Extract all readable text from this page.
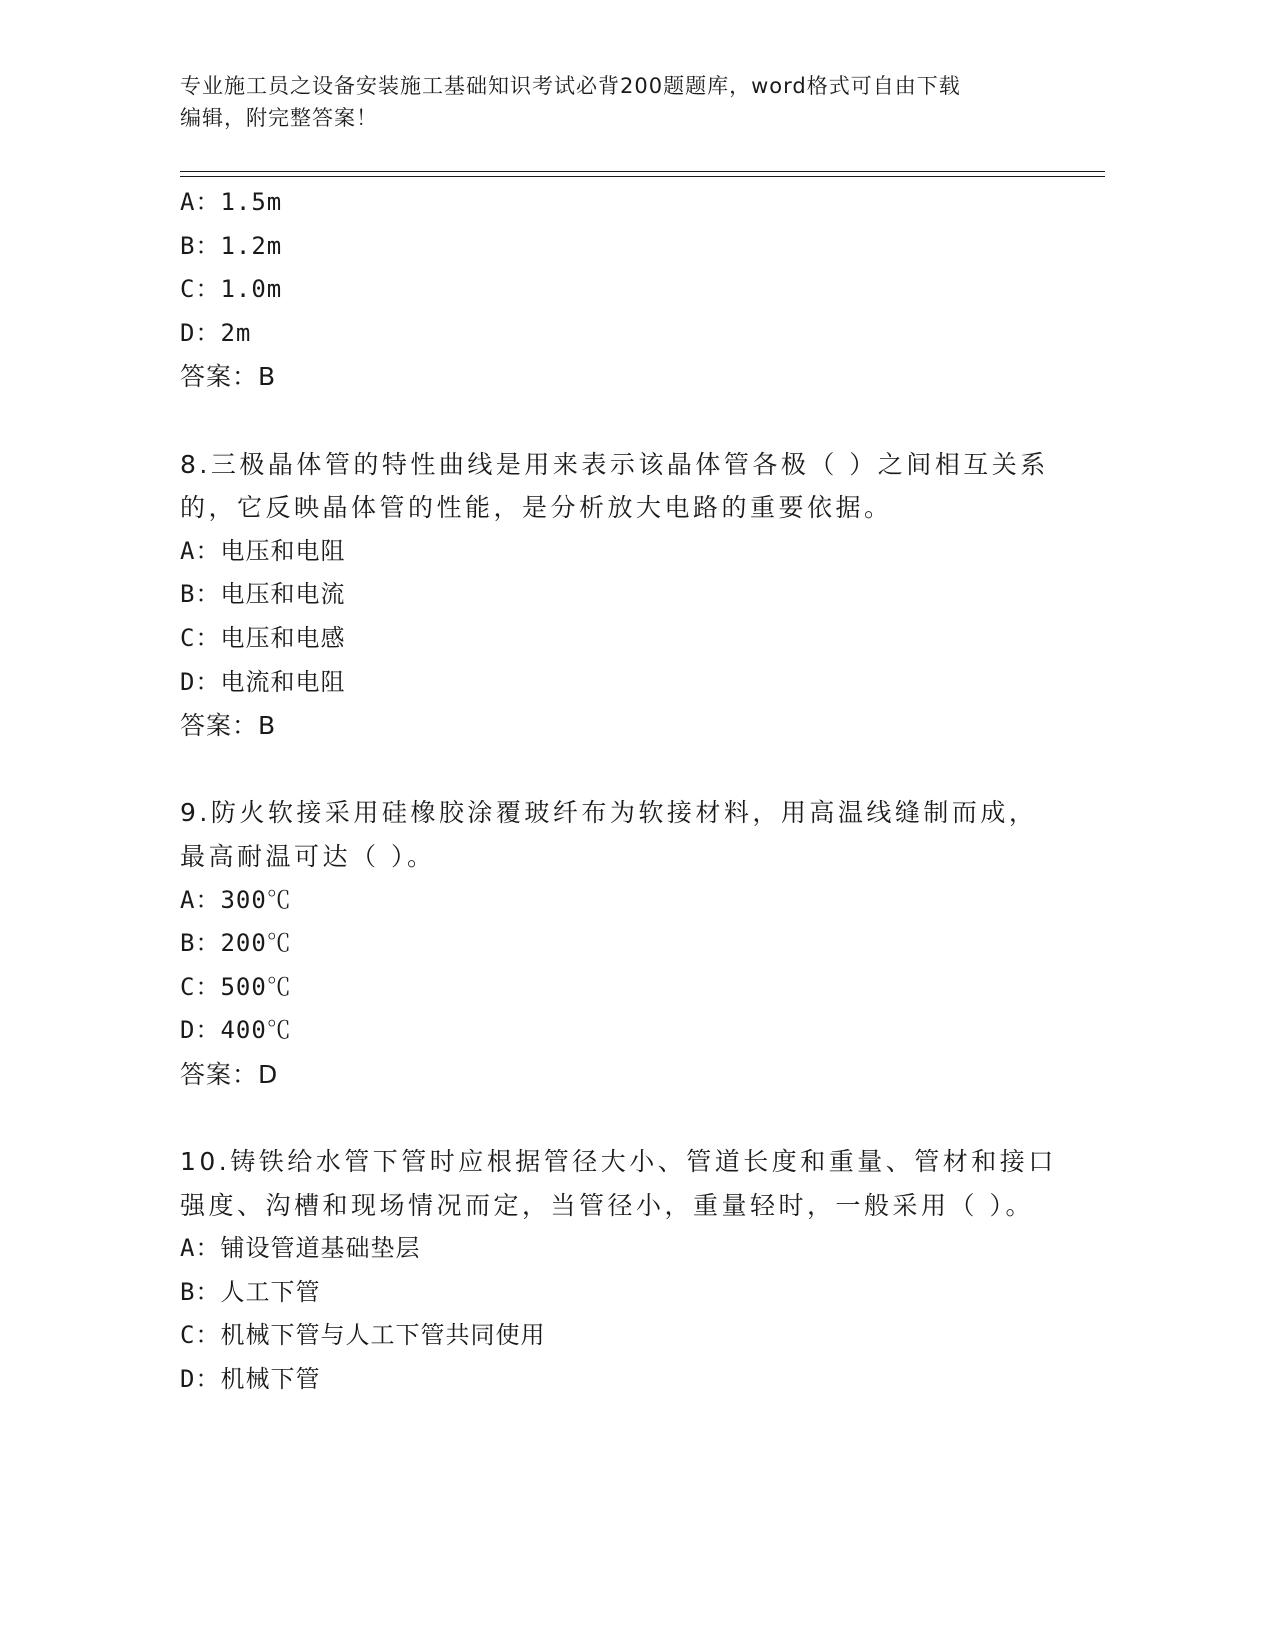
专业施工员之设备安装施工基础知识考试必背200题题库，word格式可自由下载
编辑，附完整答案！
A：1.5m
B：1.2m
C：1.0m
D：2m
答案：B
8.三极晶体管的特性曲线是用来表示该晶体管各极（ ）之间相互关系
的，它反映晶体管的性能，是分析放大电路的重要依据。
A：电压和电阻
B：电压和电流
C：电压和电感
D：电流和电阻
答案：B
9.防火软接采用硅橡胶涂覆玻纤布为软接材料，用高温线缝制而成，
最高耐温可达（ ）。
A：300℃
B：200℃
C：500℃
D：400℃
答案：D
10.铸铁给水管下管时应根据管径大小、管道长度和重量、管材和接口
强度、沟槽和现场情况而定，当管径小，重量轻时，一般采用（ ）。
A：铺设管道基础垫层
B：人工下管
C：机械下管与人工下管共同使用
D：机械下管
